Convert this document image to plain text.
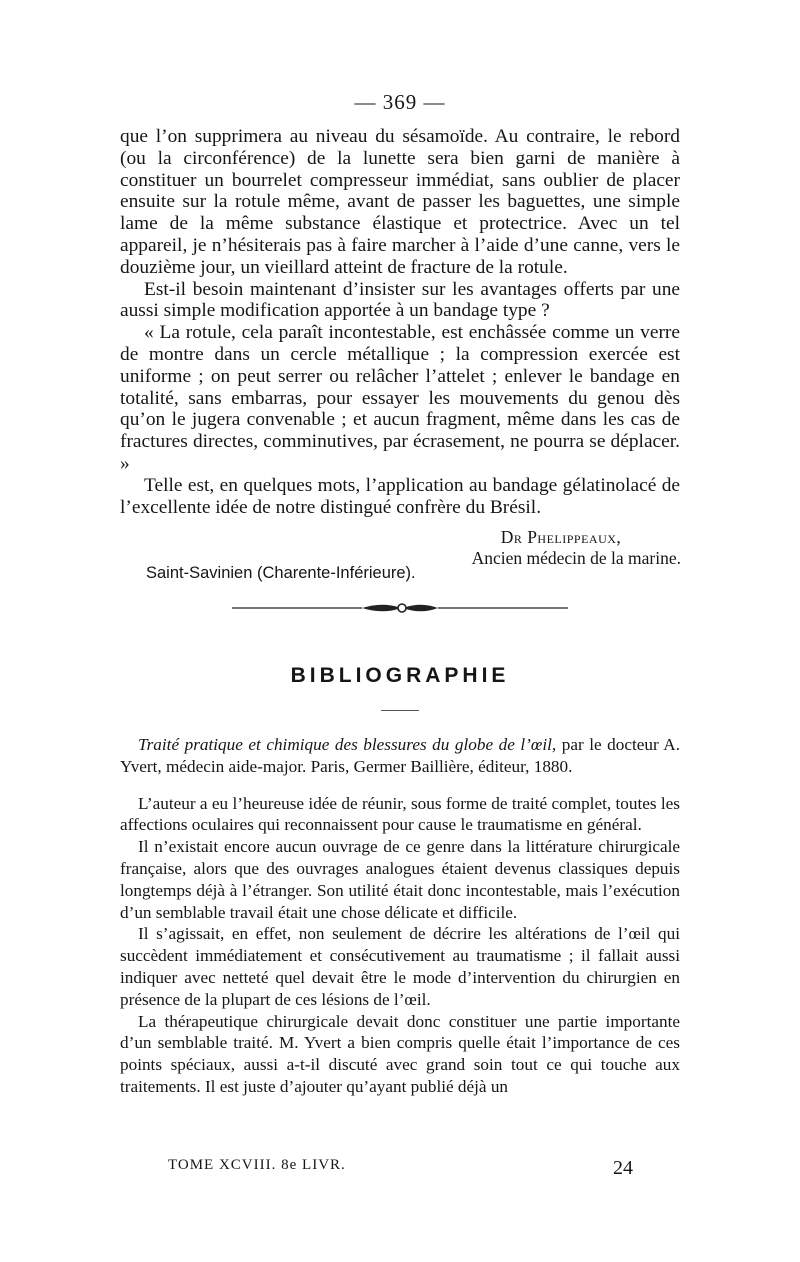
— 369 —

que l’on supprimera au niveau du sésamoïde. Au contraire, le rebord (ou la circonférence) de la lunette sera bien garni de manière à constituer un bourrelet compresseur immédiat, sans oublier de placer ensuite sur la rotule même, avant de passer les baguettes, une simple lame de la même substance élastique et protectrice. Avec un tel appareil, je n’hésiterais pas à faire marcher à l’aide d’une canne, vers le douzième jour, un vieillard atteint de fracture de la rotule.

Est-il besoin maintenant d’insister sur les avantages offerts par une aussi simple modification apportée à un bandage type ?

« La rotule, cela paraît incontestable, est enchâssée comme un verre de montre dans un cercle métallique ; la compression exercée est uniforme ; on peut serrer ou relâcher l’attelet ; enlever le bandage en totalité, sans embarras, pour essayer les mouvements du genou dès qu’on le jugera convenable ; et aucun fragment, même dans les cas de fractures directes, comminutives, par écrasement, ne pourra se déplacer. »

Telle est, en quelques mots, l’application au bandage gélatinolacé de l’excellente idée de notre distingué confrère du Brésil.

Dr Phelippeaux,
Ancien médecin de la marine.
Saint-Savinien (Charente-Inférieure).
BIBLIOGRAPHIE

Traité pratique et chimique des blessures du globe de l’œil, par le docteur A. Yvert, médecin aide-major. Paris, Germer Baillière, éditeur, 1880.

L’auteur a eu l’heureuse idée de réunir, sous forme de traité complet, toutes les affections oculaires qui reconnaissent pour cause le traumatisme en général.

Il n’existait encore aucun ouvrage de ce genre dans la littérature chirurgicale française, alors que des ouvrages analogues étaient devenus classiques depuis longtemps déjà à l’étranger. Son utilité était donc incontestable, mais l’exécution d’un semblable travail était une chose délicate et difficile.

Il s’agissait, en effet, non seulement de décrire les altérations de l’œil qui succèdent immédiatement et consécutivement au traumatisme ; il fallait aussi indiquer avec netteté quel devait être le mode d’intervention du chirurgien en présence de la plupart de ces lésions de l’œil.

La thérapeutique chirurgicale devait donc constituer une partie importante d’un semblable traité. M. Yvert a bien compris quelle était l’importance de ces points spéciaux, aussi a-t-il discuté avec grand soin tout ce qui touche aux traitements. Il est juste d’ajouter qu’ayant publié déjà un

TOME XCVIII. 8e LIVR.	24
